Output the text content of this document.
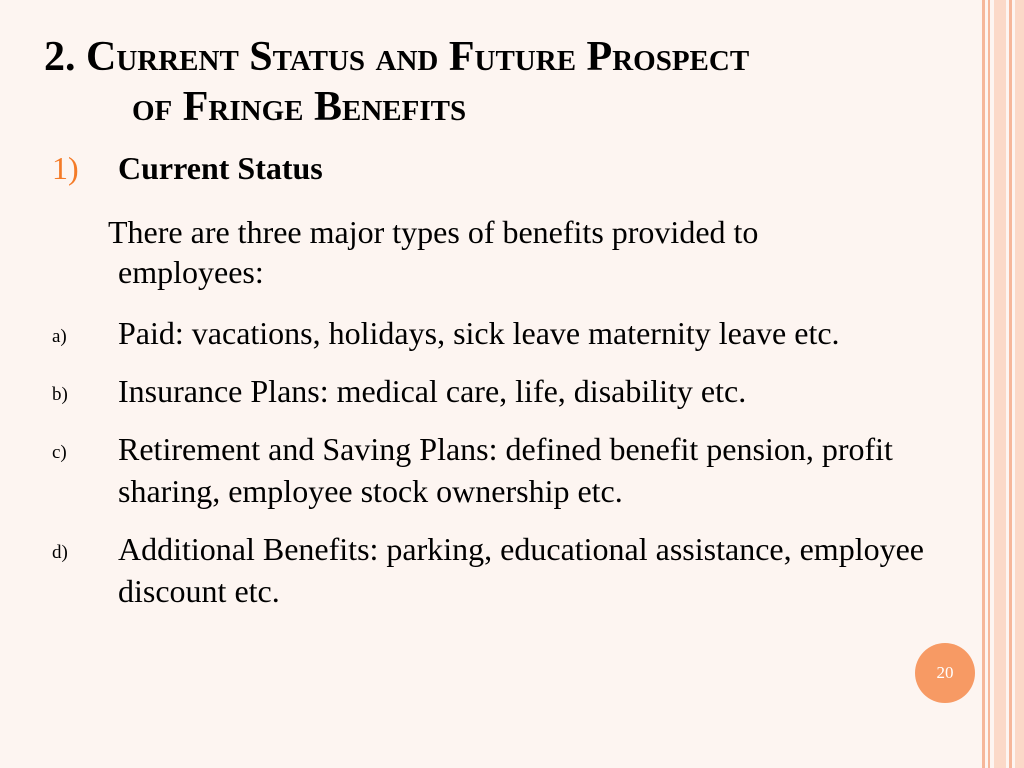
2. Current Status and Future Prospect
of Fringe Benefits
1) Current Status
There are three major types of benefits provided to
employees:
a) Paid: vacations, holidays, sick leave maternity leave etc.
b) Insurance Plans: medical care, life, disability etc.
c) Retirement and Saving Plans: defined benefit pension, profit sharing, employee stock ownership etc.
d) Additional Benefits: parking, educational assistance, employee discount etc.
20
